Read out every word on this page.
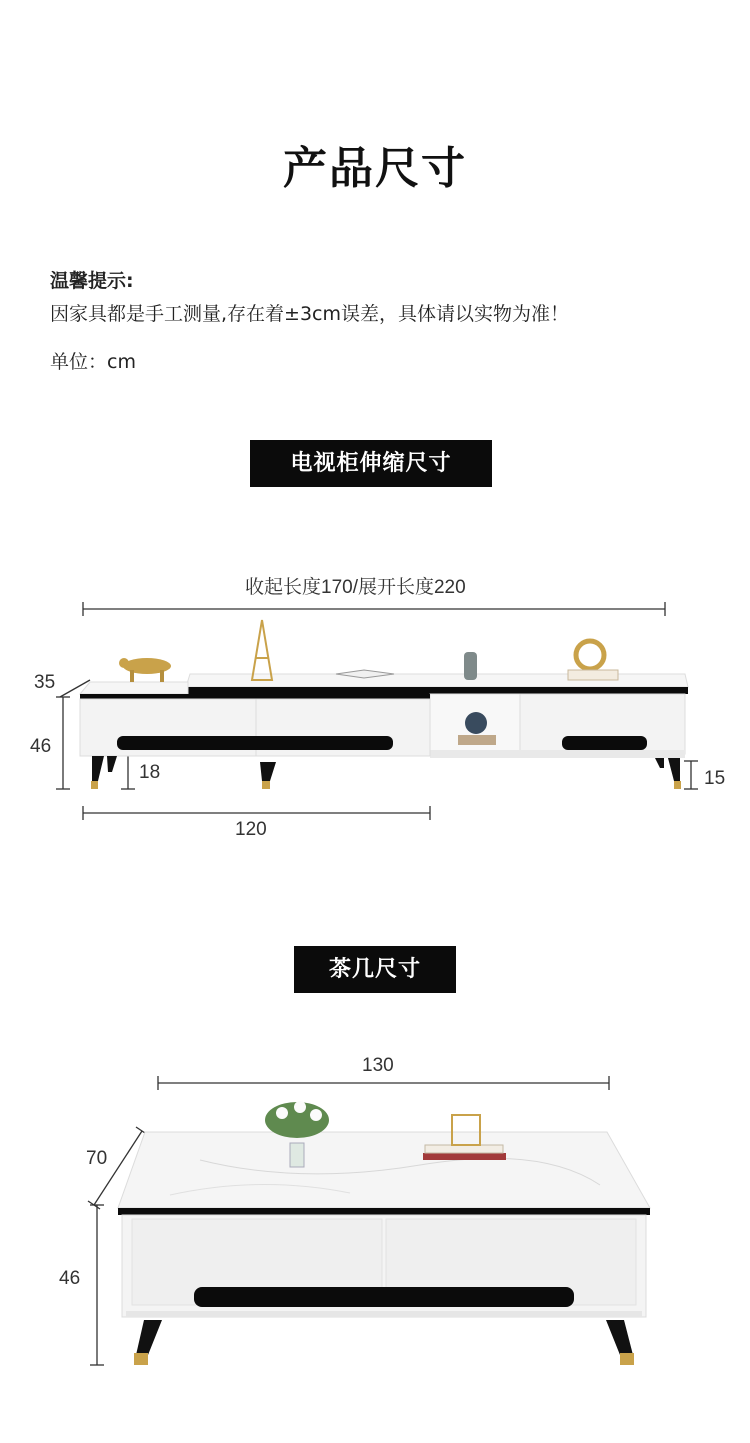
产品尺寸
温馨提示:
因家具都是手工测量,存在着±3cm误差，具体请以实物为准！
单位：cm
电视柜伸缩尺寸
收起长度170/展开长度220
35
46
18	15
120
茶几尺寸
130
70
46
